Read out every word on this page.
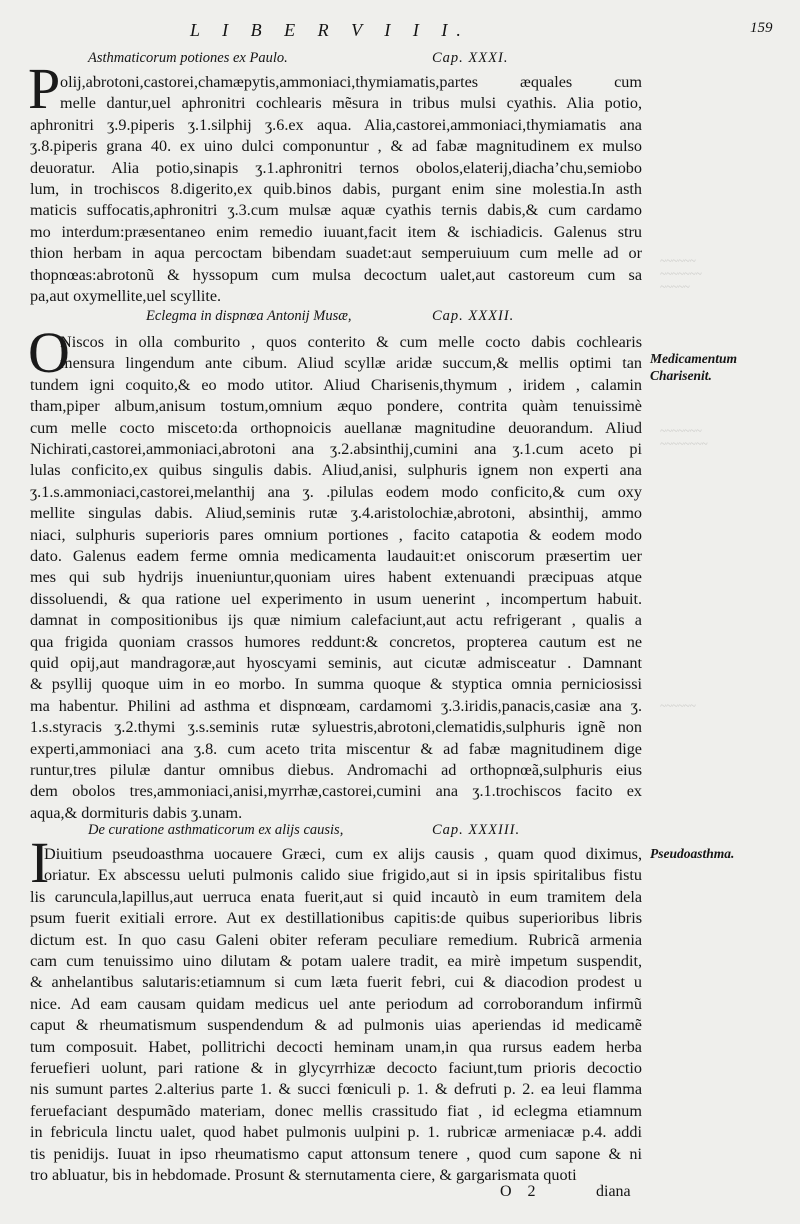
L I B E R V I I I.	159
~~~~~~
~~~~~~~
~~~~~
~~~~~~~
~~~~~~~~
~~~~~~
Asthmaticorum potiones ex Paulo.	Cap. XXXI.
P olij,abrotoni,castorei,chamæpytis,ammoniaci,thymiamatis,partes æquales cum
melle dantur,uel aphronitri cochlearis mẽsura in tribus mulsi cyathis. Alia potio,
aphronitri ʒ.9.piperis ʒ.1.silphij ʒ.6.ex aqua. Alia,castorei,ammoniaci,thymiamatis ana
ʒ.8.piperis grana 40. ex uino dulci componuntur , & ad fabæ magnitudinem ex mulso
deuoratur. Alia potio,sinapis ʒ.1.aphronitri ternos obolos,elaterij,diacha’chu,semiobo
lum, in trochiscos 8.digerito,ex quib.binos dabis, purgant enim sine molestia.In asth
maticis suffocatis,aphronitri ʒ.3.cum mulsæ aquæ cyathis ternis dabis,& cum cardamo
mo interdum:præsentaneo enim remedio iuuant,facit item & ischiadicis. Galenus stru
thion herbam in aqua percoctam bibendam suadet:aut semperuiuum cum melle ad or
thopnœas:abrotonũ & hyssopum cum mulsa decoctum ualet,aut castoreum cum sa
pa,aut oxymellite,uel scyllite.
Eclegma in dispnœa Antonij Musæ,	Cap. XXXII.
O
Niscos in olla comburito , quos conterito & cum melle cocto dabis cochlearis
mensura lingendum ante cibum. Aliud scyllæ aridæ succum,& mellis optimi tan
tundem igni coquito,& eo modo utitor. Aliud Charisenis,thymum , iridem , calamin
tham,piper album,anisum tostum,omnium æquo pondere, contrita quàm tenuissimè
cum melle cocto misceto:da orthopnoicis auellanæ magnitudine deuorandum. Aliud
Nichirati,castorei,ammoniaci,abrotoni ana ʒ.2.absinthij,cumini ana ʒ.1.cum aceto pi
lulas conficito,ex quibus singulis dabis. Aliud,anisi, sulphuris ignem non experti ana
ʒ.1.s.ammoniaci,castorei,melanthij ana ʒ. .pilulas eodem modo conficito,& cum oxy
mellite singulas dabis. Aliud,seminis rutæ ʒ.4.aristolochiæ,abrotoni, absinthij, ammo
niaci, sulphuris superioris pares omnium portiones , facito catapotia & eodem modo
dato. Galenus eadem ferme omnia medicamenta laudauit:et oniscorum præsertim uer
mes qui sub hydrijs inueniuntur,quoniam uires habent extenuandi præcipuas atque
dissoluendi, & qua ratione uel experimento in usum uenerint , incompertum habuit.
damnat in compositionibus ijs quæ nimium calefaciunt,aut actu refrigerant , qualis a
qua frigida quoniam crassos humores reddunt:& concretos, propterea cautum est ne
quid opij,aut mandragoræ,aut hyoscyami seminis, aut cicutæ admisceatur . Damnant
& psyllij quoque uim in eo morbo. In summa quoque & styptica omnia perniciosissi
ma habentur. Philini ad asthma et dispnœam, cardamomi ʒ.3.iridis,panacis,casiæ ana ʒ.
1.s.styracis ʒ.2.thymi ʒ.s.seminis rutæ syluestris,abrotoni,clematidis,sulphuris ignẽ non
experti,ammoniaci ana ʒ.8. cum aceto trita miscentur & ad fabæ magnitudinem dige
runtur,tres pilulæ dantur omnibus diebus. Andromachi ad orthopnœã,sulphuris eius
dem obolos tres,ammoniaci,anisi,myrrhæ,castorei,cumini ana ʒ.1.trochiscos facito ex
aqua,& dormituris dabis ʒ.unam.
De curatione asthmaticorum ex alijs causis,	Cap. XXXIII.
I
Diuitium pseudoasthma uocauere Græci, cum ex alijs causis , quam quod diximus,
oriatur. Ex abscessu ueluti pulmonis calido siue frigido,aut si in ipsis spiritalibus fistu
lis caruncula,lapillus,aut uerruca enata fuerit,aut si quid incautò in eum tramitem dela
psum fuerit exitiali errore. Aut ex destillationibus capitis:de quibus superioribus libris
dictum est. In quo casu Galeni obiter referam peculiare remedium. Rubricã armenia
cam cum tenuissimo uino dilutam & potam ualere tradit, ea mirè impetum suspendit,
& anhelantibus salutaris:etiamnum si cum læta fuerit febri, cui & diacodion prodest u
nice. Ad eam causam quidam medicus uel ante periodum ad corroborandum infirmũ
caput & rheumatismum suspendendum & ad pulmonis uias aperiendas id medicamẽ
tum composuit. Habet, pollitrichi decocti heminam unam,in qua rursus eadem herba
feruefieri uolunt, pari ratione & in glycyrrhizæ decocto faciunt,tum prioris decoctio
nis sumunt partes 2.alterius parte 1. & succi fœniculi p. 1. & defruti p. 2. ea leui flamma
feruefaciant despumãdo materiam, donec mellis crassitudo fiat , id eclegma etiamnum
in febricula linctu ualet, quod habet pulmonis uulpini p. 1. rubricæ armeniacæ p.4. addi
tis penidijs. Iuuat in ipso rheumatismo caput attonsum tenere , quod cum sapone & ni
tro abluatur, bis in hebdomade. Prosunt & sternutamenta ciere, & gargarismata quoti
Medicamentum
Charisenit.
Pseudoasthma.
O 2	diana
